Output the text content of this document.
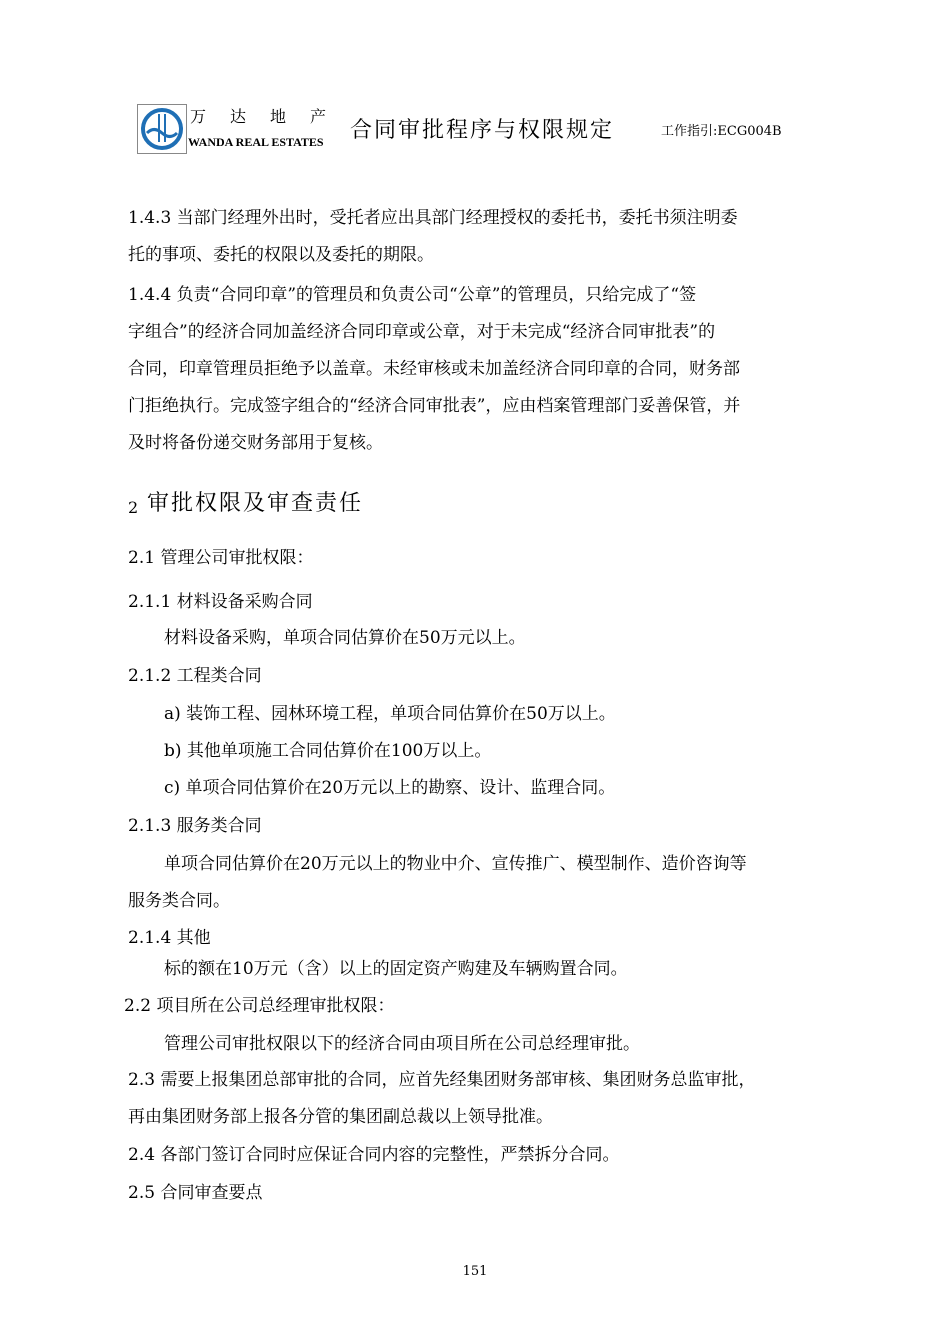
万达地产
WANDA REAL ESTATES 合同审批程序与权限规定	工作指引:ECG004B
1.4.3 当部门经理外出时，受托者应出具部门经理授权的委托书，委托书须注明委
托的事项、委托的权限以及委托的期限。
1.4.4 负责“合同印章”的管理员和负责公司“公章”的管理员，只给完成了“签
字组合”的经济合同加盖经济合同印章或公章，对于未完成“经济合同审批表”的
合同，印章管理员拒绝予以盖章。未经审核或未加盖经济合同印章的合同，财务部
门拒绝执行。完成签字组合的“经济合同审批表”，应由档案管理部门妥善保管，并
及时将备份递交财务部用于复核。
2 审批权限及审查责任
2.1 管理公司审批权限：
2.1.1 材料设备采购合同
材料设备采购，单项合同估算价在50万元以上。
2.1.2 工程类合同
a) 装饰工程、园林环境工程，单项合同估算价在50万以上。
b) 其他单项施工合同估算价在100万以上。
c) 单项合同估算价在20万元以上的勘察、设计、监理合同。
2.1.3 服务类合同
单项合同估算价在20万元以上的物业中介、宣传推广、模型制作、造价咨询等
服务类合同。
2.1.4 其他
标的额在10万元（含）以上的固定资产购建及车辆购置合同。
2.2 项目所在公司总经理审批权限：
管理公司审批权限以下的经济合同由项目所在公司总经理审批。
2.3 需要上报集团总部审批的合同，应首先经集团财务部审核、集团财务总监审批，
再由集团财务部上报各分管的集团副总裁以上领导批准。
2.4 各部门签订合同时应保证合同内容的完整性，严禁拆分合同。
2.5 合同审查要点
151
